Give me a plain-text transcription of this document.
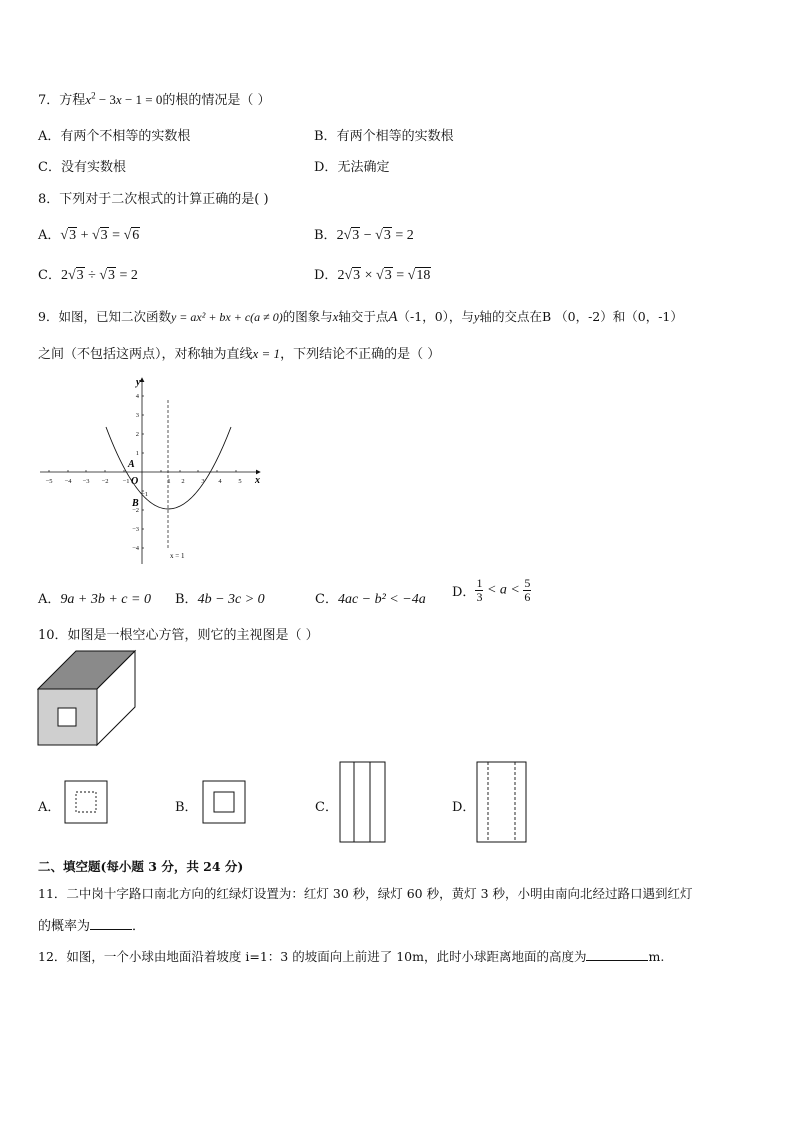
7．方程$x^2 - 3x - 1 = 0$的根的情况是（ ）
A．有两个不相等的实数根	B．有两个相等的实数根
C．没有实数根	D．无法确定
8．下列对于二次根式的计算正确的是( )
A．√3 + √3 = √6	B．2√3 − √3 = 2
C．2√3 ÷ √3 = 2	D．2√3 × √3 = √18
9．如图，已知二次函数y = ax² + bx + c(a ≠ 0)的图象与x轴交于点A（-1，0），与y轴的交点在B （0，-2）和（0，-1）
之间（不包括这两点），对称轴为直线x = 1，下列结论不正确的是（ ）
−5 −4 −3 −2 −1	1 2	3 4	5
4
3
2
1
−1
−2
−3
−4
x
y
O
A
B
x = 1
A．9a + 3b + c = 0 B．4b − 3c > 0	C．4ac − b² < −4a D． $\frac{1}{3} < a < \frac{5}{6}$
10．如图是一根空心方管，则它的主视图是（ ）
A．	B．	C．	D．
二、填空题(每小题 3 分，共 24 分)
11．二中岗十字路口南北方向的红绿灯设置为：红灯 30 秒，绿灯 60 秒，黄灯 3 秒，小明由南向北经过路口遇到红灯
的概率为	．
12．如图，一个小球由地面沿着坡度 i=1：3 的坡面向上前进了 10m，此时小球距离地面的高度为	m.
